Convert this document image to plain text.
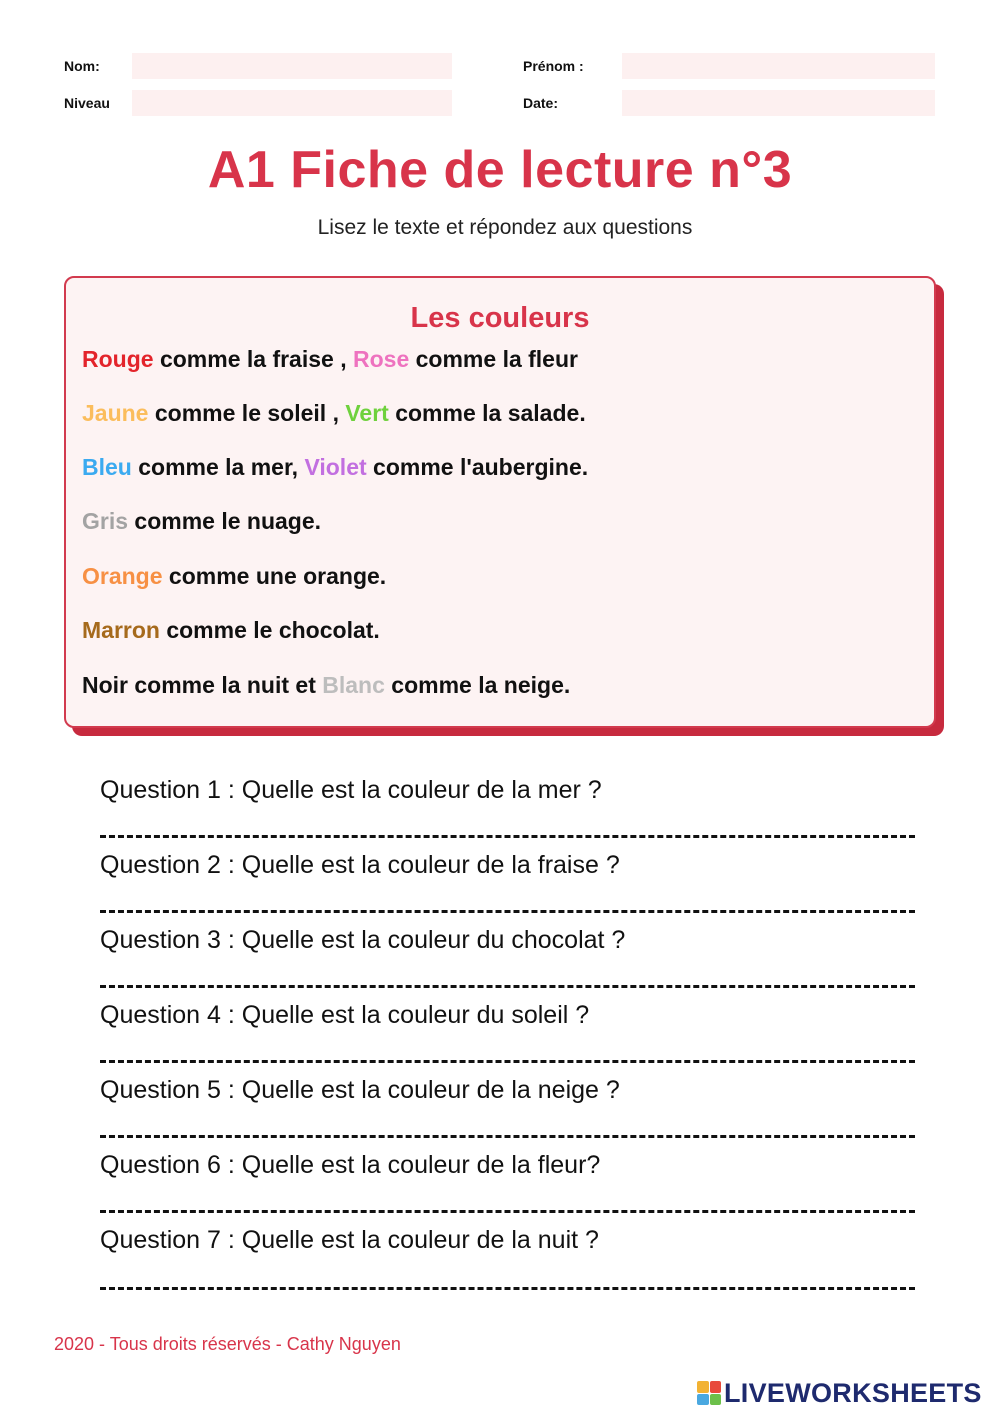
Nom:	Prénom :
Niveau	Date:
A1 Fiche de lecture n°3
Lisez le texte et répondez aux questions
Les couleurs
Rouge comme la fraise , Rose comme la fleur
Jaune comme le soleil , Vert comme la salade.
Bleu comme la mer, Violet comme l'aubergine.
Gris comme le nuage.
Orange comme une orange.
Marron comme le chocolat.
Noir comme la nuit et Blanc comme la neige.
Question 1 : Quelle est la couleur de la mer ?
Question 2 : Quelle est la couleur de la fraise ?
Question 3 : Quelle est la couleur du chocolat ?
Question 4 : Quelle est la couleur du soleil ?
Question 5 : Quelle est la couleur de la neige ?
Question 6 : Quelle est la couleur de la fleur?
Question 7 : Quelle est la couleur de la nuit ?
2020 - Tous droits réservés - Cathy Nguyen
LIVEWORKSHEETS
